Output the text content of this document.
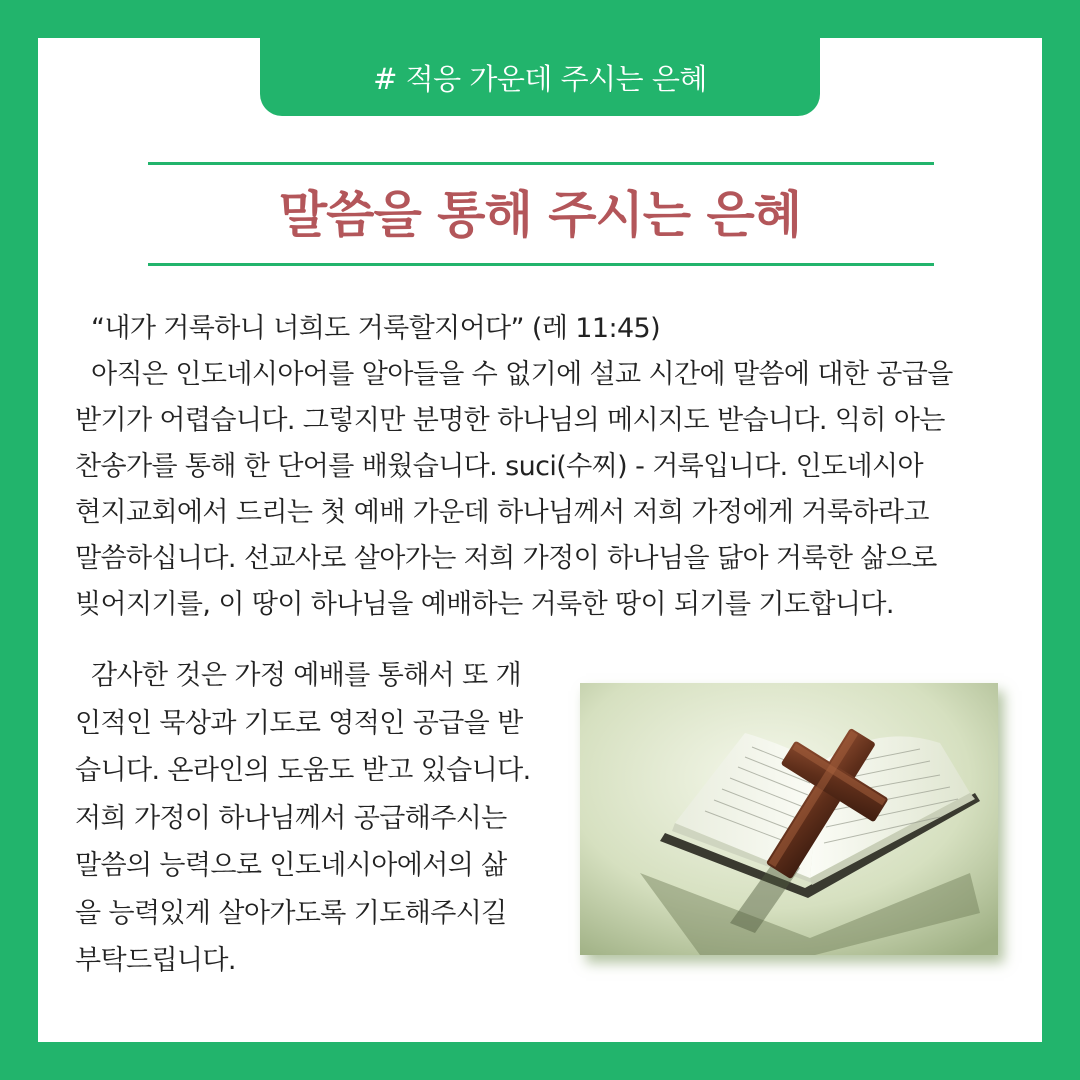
# 적응 가운데 주시는 은혜
말씀을 통해 주시는 은혜

“내가 거룩하니 너희도 거룩할지어다” (레 11:45)
아직은 인도네시아어를 알아들을 수 없기에 설교 시간에 말씀에 대한 공급을
받기가 어렵습니다. 그렇지만 분명한 하나님의 메시지도 받습니다. 익히 아는
찬송가를 통해 한 단어를 배웠습니다. suci(수찌) - 거룩입니다. 인도네시아
현지교회에서 드리는 첫 예배 가운데 하나님께서 저희 가정에게 거룩하라고
말씀하십니다. 선교사로 살아가는 저희 가정이 하나님을 닮아 거룩한 삶으로
빚어지기를, 이 땅이 하나님을 예배하는 거룩한 땅이 되기를 기도합니다.

감사한 것은 가정 예배를 통해서 또 개
인적인 묵상과 기도로 영적인 공급을 받
습니다. 온라인의 도움도 받고 있습니다.
저희 가정이 하나님께서 공급해주시는
말씀의 능력으로 인도네시아에서의 삶
을 능력있게 살아가도록 기도해주시길
부탁드립니다.
